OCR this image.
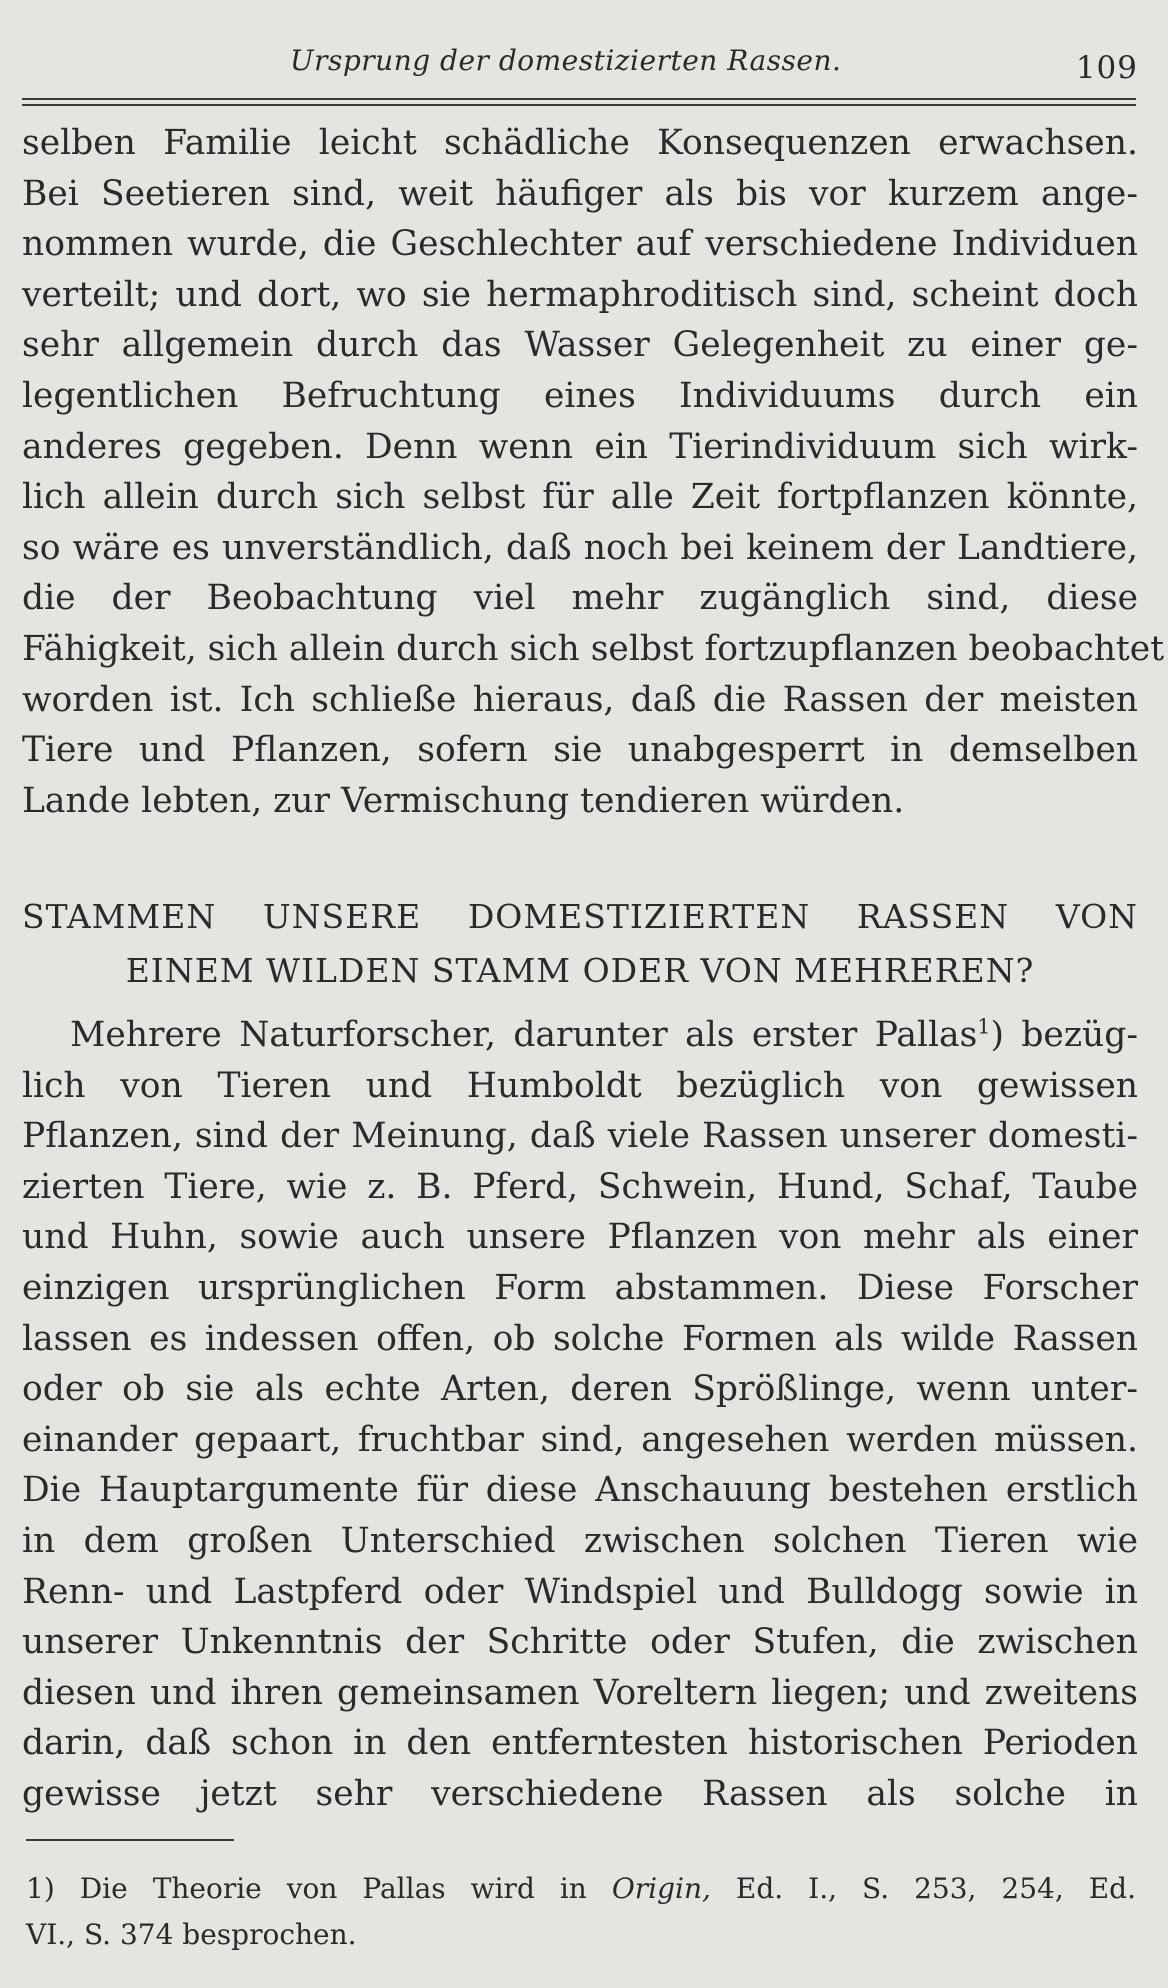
Ursprung der domestizierten Rassen.	109
selben Familie leicht schädliche Konsequenzen erwachsen.
Bei Seetieren sind, weit häufiger als bis vor kurzem ange-
nommen wurde, die Geschlechter auf verschiedene Individuen
verteilt; und dort, wo sie hermaphroditisch sind, scheint doch
sehr allgemein durch das Wasser Gelegenheit zu einer ge-
legentlichen Befruchtung eines Individuums durch ein
anderes gegeben. Denn wenn ein Tierindividuum sich wirk-
lich allein durch sich selbst für alle Zeit fortpflanzen könnte,
so wäre es unverständlich, daß noch bei keinem der Landtiere,
die der Beobachtung viel mehr zugänglich sind, diese
Fähigkeit, sich allein durch sich selbst fortzupflanzen beobachtet
worden ist. Ich schließe hieraus, daß die Rassen der meisten
Tiere und Pflanzen, sofern sie unabgesperrt in demselben
Lande lebten, zur Vermischung tendieren würden.
STAMMEN UNSERE DOMESTIZIERTEN RASSEN VON
EINEM WILDEN STAMM ODER VON MEHREREN?
Mehrere Naturforscher, darunter als erster Pallas$^1$) bezüg-
lich von Tieren und Humboldt bezüglich von gewissen
Pflanzen, sind der Meinung, daß viele Rassen unserer domesti-
zierten Tiere, wie z. B. Pferd, Schwein, Hund, Schaf, Taube
und Huhn, sowie auch unsere Pflanzen von mehr als einer
einzigen ursprünglichen Form abstammen. Diese Forscher
lassen es indessen offen, ob solche Formen als wilde Rassen
oder ob sie als echte Arten, deren Sprößlinge, wenn unter-
einander gepaart, fruchtbar sind, angesehen werden müssen.
Die Hauptargumente für diese Anschauung bestehen erstlich
in dem großen Unterschied zwischen solchen Tieren wie
Renn- und Lastpferd oder Windspiel und Bulldogg sowie in
unserer Unkenntnis der Schritte oder Stufen, die zwischen
diesen und ihren gemeinsamen Voreltern liegen; und zweitens
darin, daß schon in den entferntesten historischen Perioden
gewisse jetzt sehr verschiedene Rassen als solche in
1) Die Theorie von Pallas wird in Origin, Ed. I., S. 253, 254, Ed.
VI., S. 374 besprochen.
